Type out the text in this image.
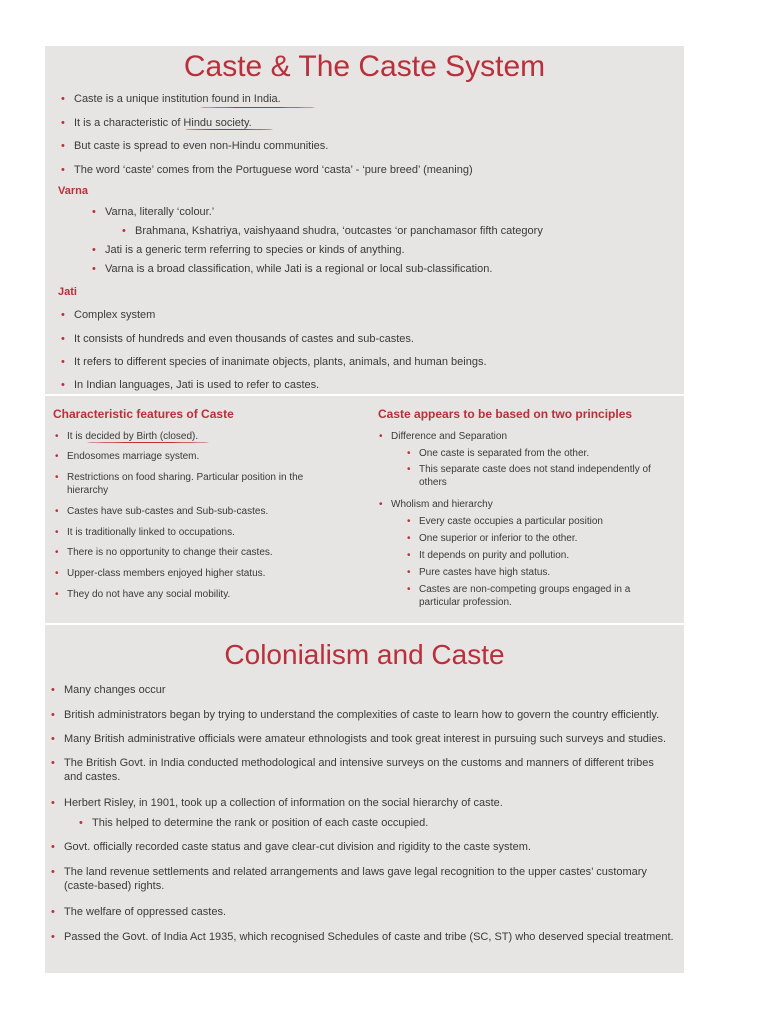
Caste & The Caste System
• Caste is a unique institution found in India.
• It is a characteristic of Hindu society.
• But caste is spread to even non-Hindu communities.
• The word ‘caste’ comes from the Portuguese word ‘casta’ - ‘pure breed’ (meaning)
Varna
• Varna, literally ‘colour.’
• Brahmana, Kshatriya, vaishyaand shudra, ‘outcastes ‘or panchamasor fifth category
• Jati is a generic term referring to species or kinds of anything.
• Varna is a broad classification, while Jati is a regional or local sub-classification.
Jati
• Complex system
• It consists of hundreds and even thousands of castes and sub-castes.
• It refers to different species of inanimate objects, plants, animals, and human beings.
• In Indian languages, Jati is used to refer to castes.
Characteristic features of Caste
• It is decided by Birth (closed).
• Endosomes marriage system.
• Restrictions on food sharing. Particular position in the hierarchy
• Castes have sub-castes and Sub-sub-castes.
• It is traditionally linked to occupations.
• There is no opportunity to change their castes.
• Upper-class members enjoyed higher status.
• They do not have any social mobility.
Caste appears to be based on two principles
• Difference and Separation
• One caste is separated from the other.
• This separate caste does not stand independently of others
• Wholism and hierarchy
• Every caste occupies a particular position
• One superior or inferior to the other.
• It depends on purity and pollution.
• Pure castes have high status.
• Castes are non-competing groups engaged in a particular profession.
Colonialism and Caste
• Many changes occur
• British administrators began by trying to understand the complexities of caste to learn how to govern the country efficiently.
• Many British administrative officials were amateur ethnologists and took great interest in pursuing such surveys and studies.
• The British Govt. in India conducted methodological and intensive surveys on the customs and manners of different tribes and castes.
• Herbert Risley, in 1901, took up a collection of information on the social hierarchy of caste.
• This helped to determine the rank or position of each caste occupied.
• Govt. officially recorded caste status and gave clear-cut division and rigidity to the caste system.
• The land revenue settlements and related arrangements and laws gave legal recognition to the upper castes’ customary (caste-based) rights.
• The welfare of oppressed castes.
• Passed the Govt. of India Act 1935, which recognised Schedules of caste and tribe (SC, ST) who deserved special treatment.
